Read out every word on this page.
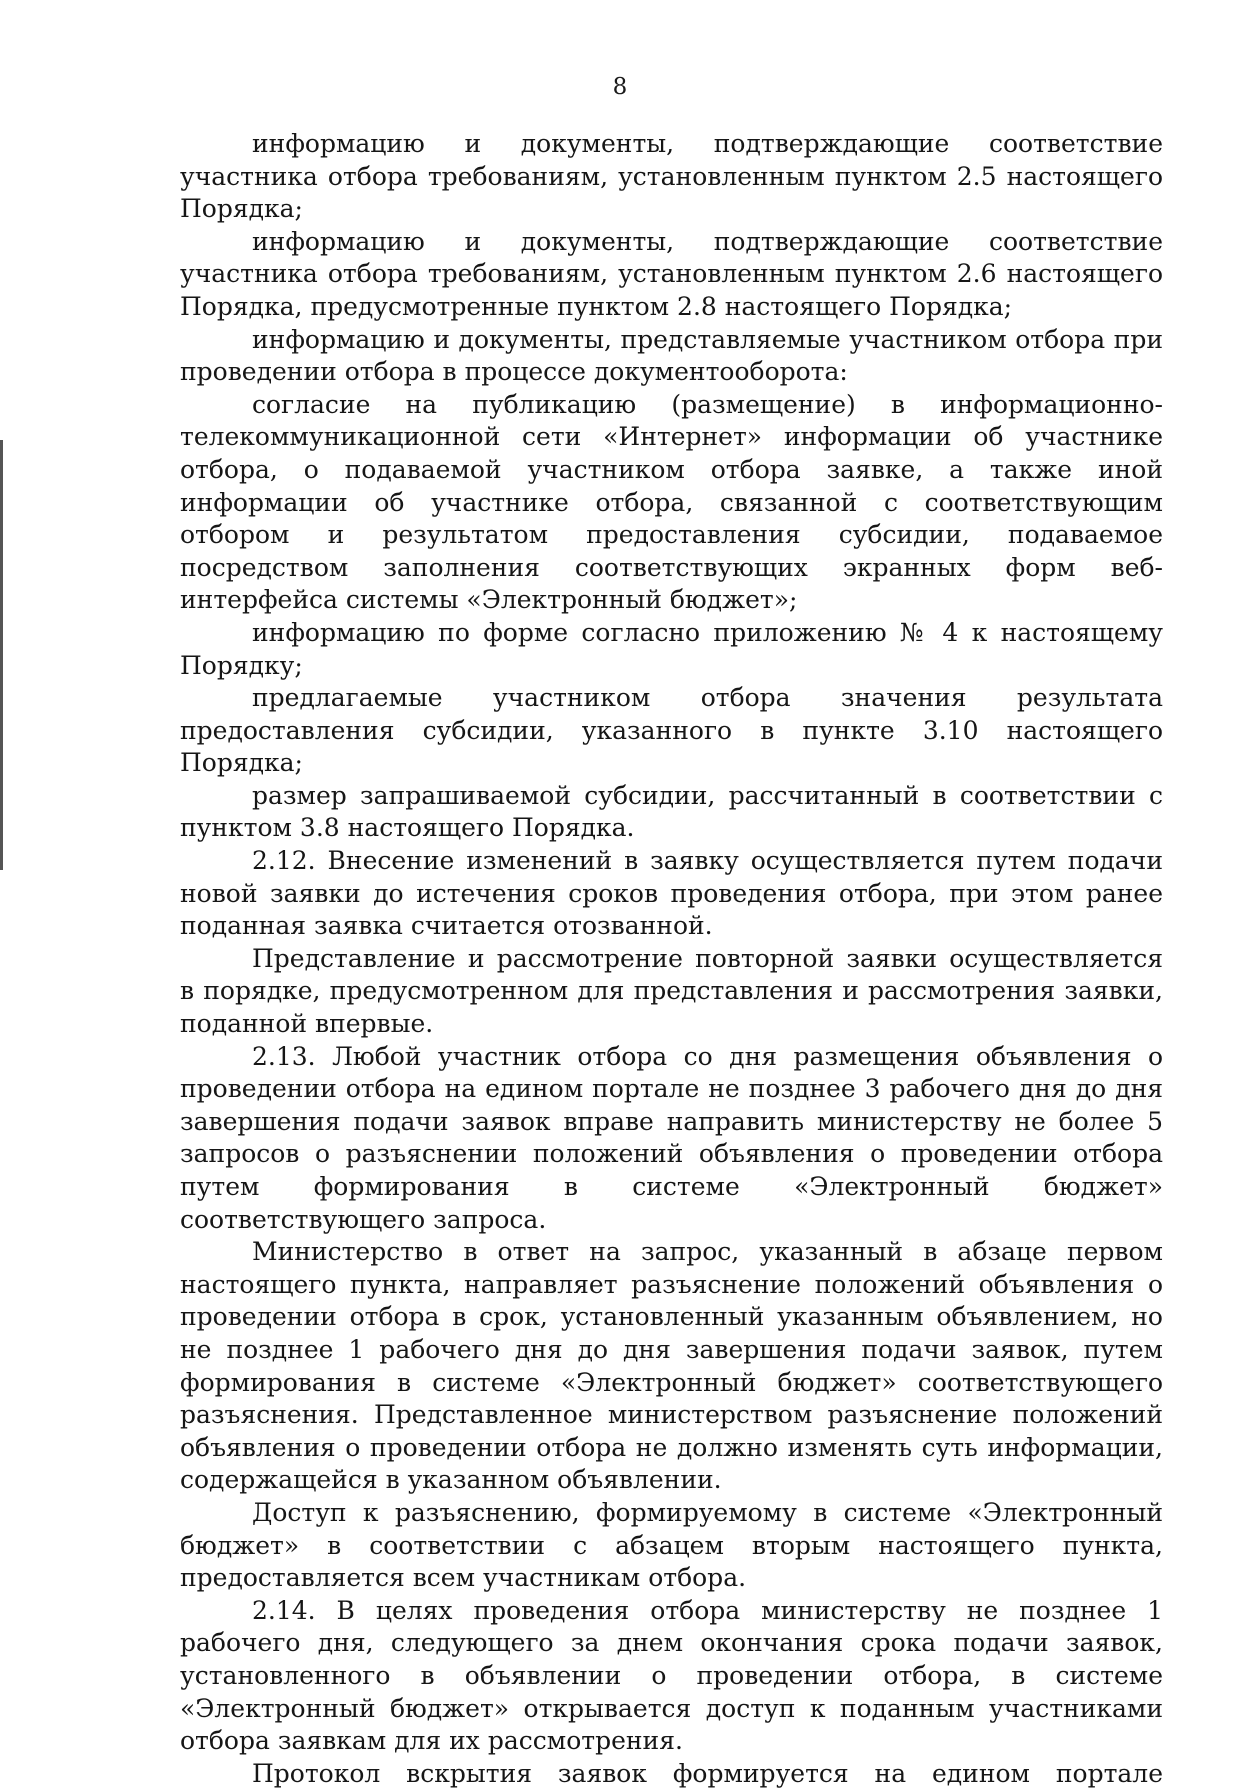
8

информацию и документы, подтверждающие соответствие участника отбора требованиям, установленным пунктом 2.5 настоящего Порядка;

информацию и документы, подтверждающие соответствие участника отбора требованиям, установленным пунктом 2.6 настоящего Порядка, предусмотренные пунктом 2.8 настоящего Порядка;

информацию и документы, представляемые участником отбора при проведении отбора в процессе документооборота:

согласие на публикацию (размещение) в информационно-телекоммуникационной сети «Интернет» информации об участнике отбора, о подаваемой участником отбора заявке, а также иной информации об участнике отбора, связанной с соответствующим отбором и результатом предоставления субсидии, подаваемое посредством заполнения соответствующих экранных форм веб-интерфейса системы «Электронный бюджет»;

информацию по форме согласно приложению № 4 к настоящему Порядку;

предлагаемые участником отбора значения результата предоставления субсидии, указанного в пункте 3.10 настоящего Порядка;

размер запрашиваемой субсидии, рассчитанный в соответствии с пунктом 3.8 настоящего Порядка.

2.12. Внесение изменений в заявку осуществляется путем подачи новой заявки до истечения сроков проведения отбора, при этом ранее поданная заявка считается отозванной.

Представление и рассмотрение повторной заявки осуществляется в порядке, предусмотренном для представления и рассмотрения заявки, поданной впервые.

2.13. Любой участник отбора со дня размещения объявления о проведении отбора на едином портале не позднее 3 рабочего дня до дня завершения подачи заявок вправе направить министерству не более 5 запросов о разъяснении положений объявления о проведении отбора путем формирования в системе «Электронный бюджет» соответствующего запроса.

Министерство в ответ на запрос, указанный в абзаце первом настоящего пункта, направляет разъяснение положений объявления о проведении отбора в срок, установленный указанным объявлением, но не позднее 1 рабочего дня до дня завершения подачи заявок, путем формирования в системе «Электронный бюджет» соответствующего разъяснения. Представленное министерством разъяснение положений объявления о проведении отбора не должно изменять суть информации, содержащейся в указанном объявлении.

Доступ к разъяснению, формируемому в системе «Электронный бюджет» в соответствии с абзацем вторым настоящего пункта, предоставляется всем участникам отбора.

2.14. В целях проведения отбора министерству не позднее 1 рабочего дня, следующего за днем окончания срока подачи заявок, установленного в объявлении о проведении отбора, в системе «Электронный бюджет» открывается доступ к поданным участниками отбора заявкам для их рассмотрения.

Протокол вскрытия заявок формируется на едином портале
